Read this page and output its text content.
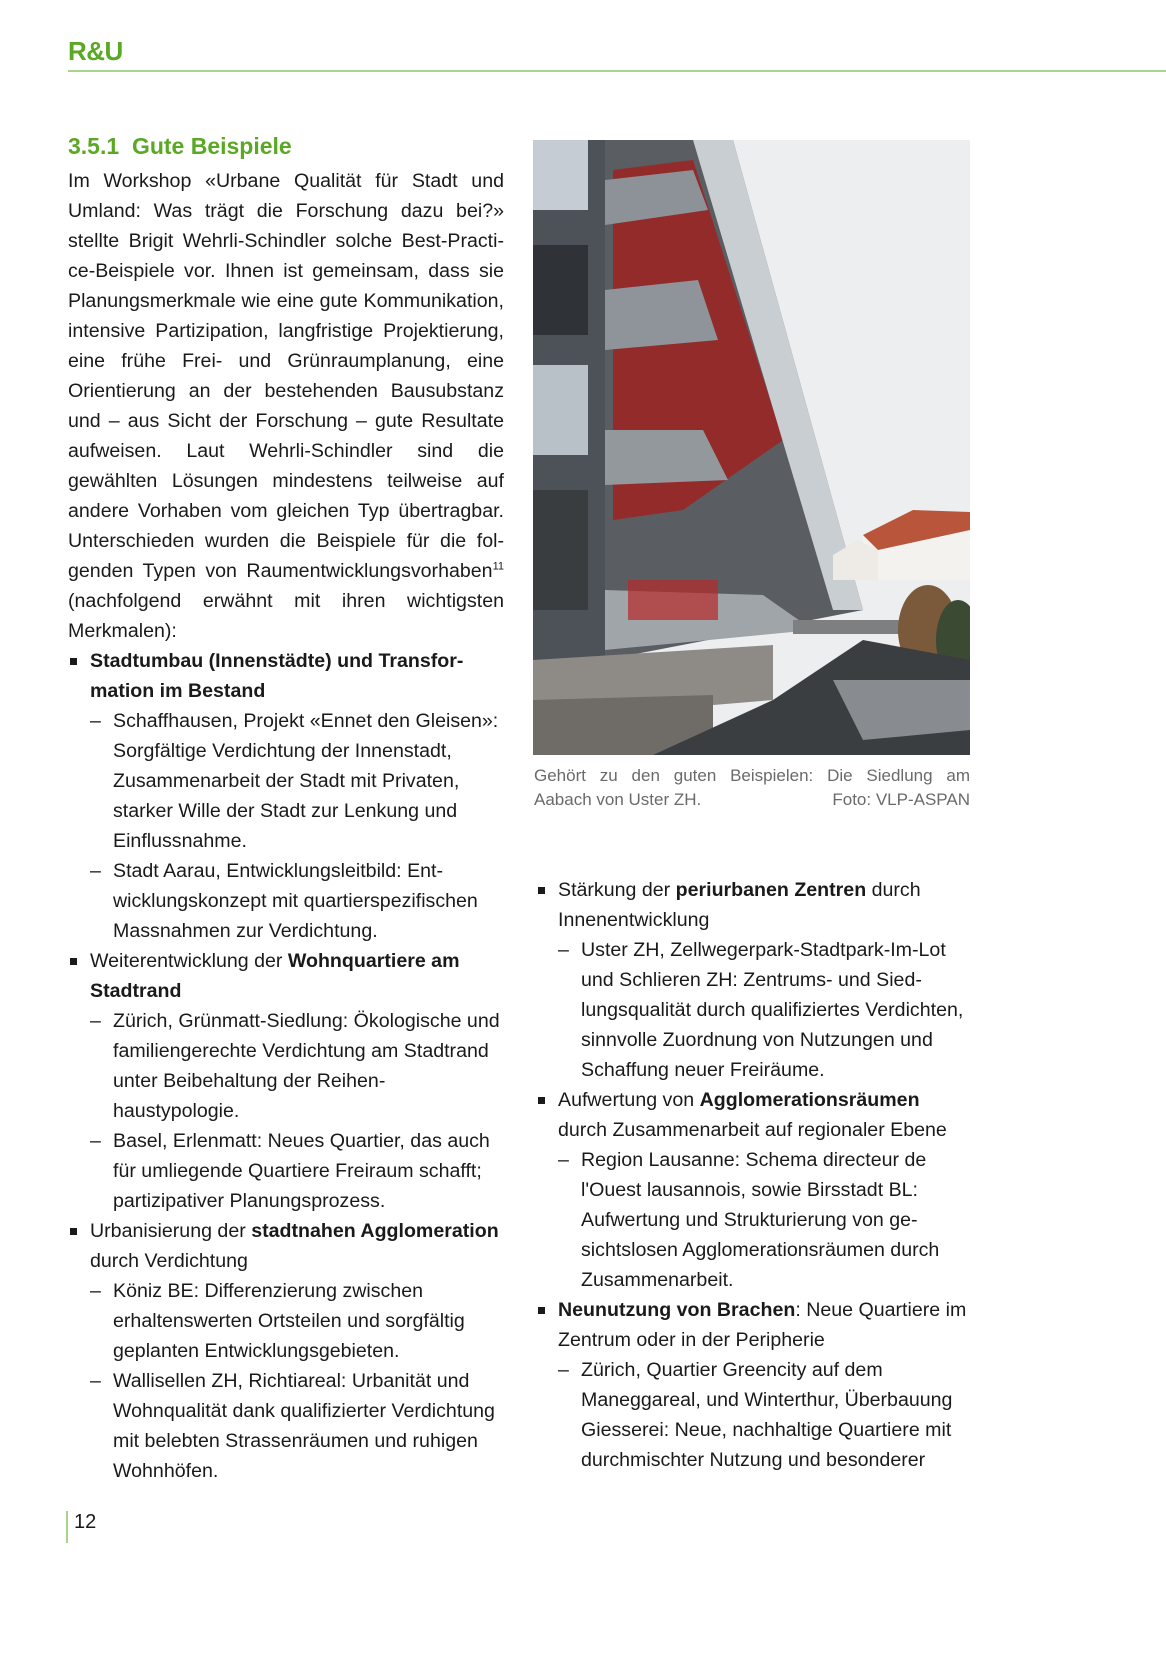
R&U
3.5.1 Gute Beispiele

Im Workshop «Urbane Qualität für Stadt und Umland: Was trägt die Forschung dazu bei?» stellte Brigit Wehrli-Schindler solche Best-Practice-Beispiele vor. Ihnen ist gemeinsam, dass sie Planungsmerkmale wie eine gute Kommunikation, intensive Partizipation, langfristige Projektierung, eine frühe Frei- und Grünraumplanung, eine Orientierung an der bestehenden Bausubstanz und – aus Sicht der Forschung – gute Resultate aufweisen. Laut Wehrli-Schindler sind die gewählten Lösungen mindestens teilweise auf andere Vorhaben vom gleichen Typ übertragbar. Unterschieden wurden die Beispiele für die folgenden Typen von Raumentwicklungsvorhaben$^{11}$ (nachfolgend erwähnt mit ihren wichtigsten Merkmalen):

Stadtumbau (Innenstädte) und Transformation im Bestand
– Schaffhausen, Projekt «Ennet den Gleisen»: Sorgfältige Verdichtung der Innenstadt, Zusammenarbeit der Stadt mit Privaten, starker Wille der Stadt zur Lenkung und Einflussnahme.
– Stadt Aarau, Entwicklungsleitbild: Entwicklungskonzept mit quartierspezifischen Massnahmen zur Verdichtung.
Weiterentwicklung der Wohnquartiere am Stadtrand
– Zürich, Grünmatt-Siedlung: Ökologische und familiengerechte Verdichtung am Stadtrand unter Beibehaltung der Reihenhaustypologie.
– Basel, Erlenmatt: Neues Quartier, das auch für umliegende Quartiere Freiraum schafft; partizipativer Planungsprozess.
Urbanisierung der stadtnahen Agglomeration durch Verdichtung
– Köniz BE: Differenzierung zwischen erhaltenswerten Ortsteilen und sorgfältig geplanten Entwicklungsgebieten.
– Wallisellen ZH, Richtiareal: Urbanität und Wohnqualität dank qualifizierter Verdichtung mit belebten Strassenräumen und ruhigen Wohnhöfen.
Gehört zu den guten Beispielen: Die Siedlung am
Aabach von Uster ZH.	Foto: VLP-ASPAN
Stärkung der periurbanen Zentren durch Innenentwicklung
– Uster ZH, Zellwegerpark-Stadtpark-Im-Lot und Schlieren ZH: Zentrums- und Siedlungsqualität durch qualifiziertes Verdichten, sinnvolle Zuordnung von Nutzungen und Schaffung neuer Freiräume.
Aufwertung von Agglomerationsräumen durch Zusammenarbeit auf regionaler Ebene
– Region Lausanne: Schema directeur de l'Ouest lausannois, sowie Birsstadt BL: Aufwertung und Strukturierung von gesichtslosen Agglomerationsräumen durch Zusammenarbeit.
Neunutzung von Brachen: Neue Quartiere im Zentrum oder in der Peripherie
– Zürich, Quartier Greencity auf dem Maneggareal, und Winterthur, Überbauung Giesserei: Neue, nachhaltige Quartiere mit durchmischter Nutzung und besonderer
12
